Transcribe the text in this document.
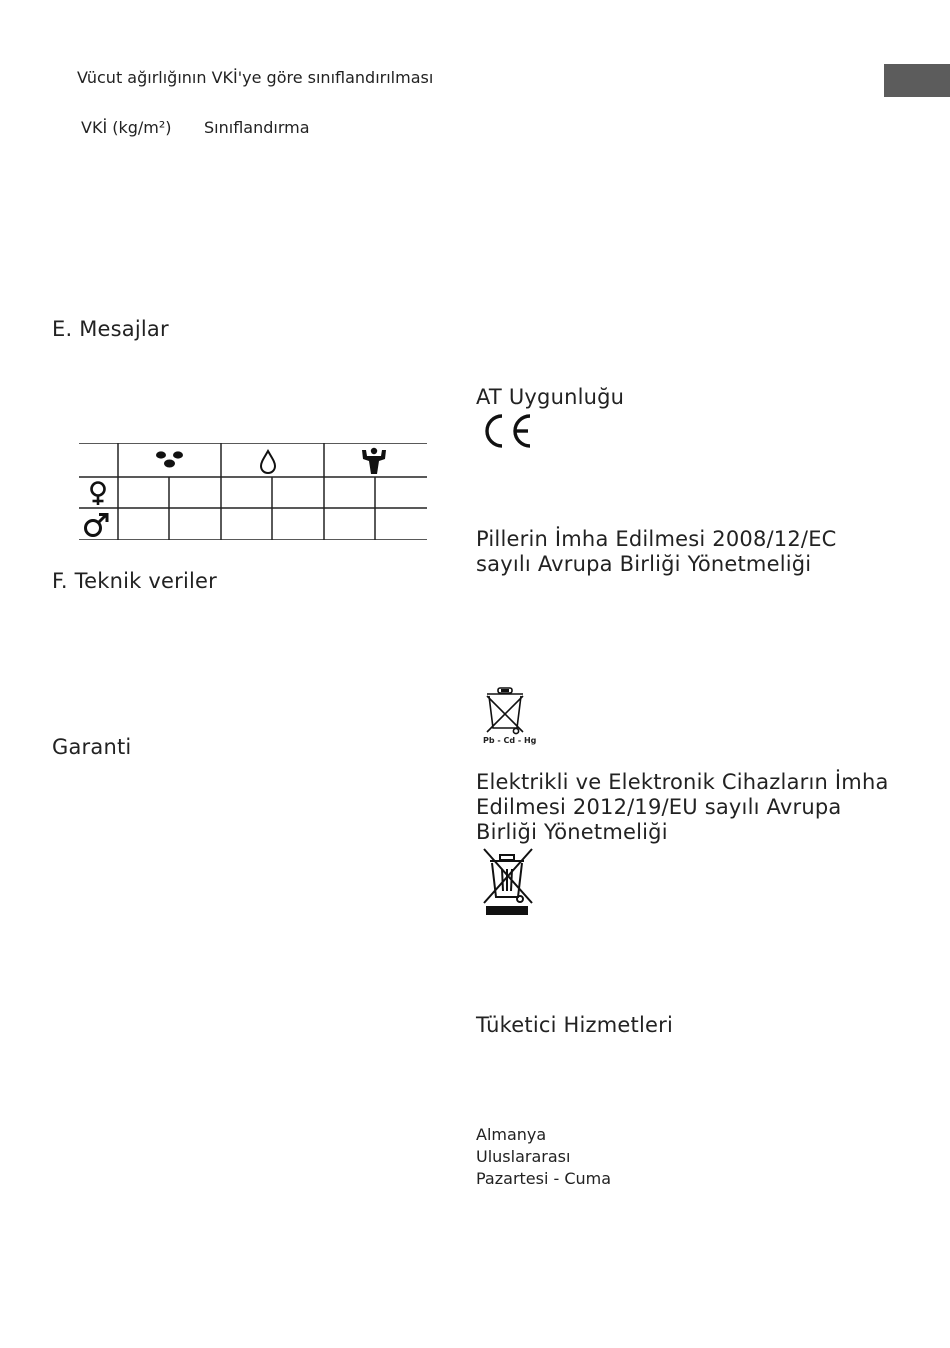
Vücut ağırlığının VKİ'ye göre sınıflandırılması
VKİ (kg/m²) Sınıflandırma
E. Mesajlar
F. Teknik veriler
Garanti
AT Uygunluğu
Pillerin İmha Edilmesi 2008/12/EC
sayılı Avrupa Birliği Yönetmeliği
Pb - Cd - Hg
Elektrikli ve Elektronik Cihazların İmha
Edilmesi 2012/19/EU sayılı Avrupa
Birliği Yönetmeliği
Tüketici Hizmetleri
Almanya
Uluslararası
Pazartesi - Cuma
